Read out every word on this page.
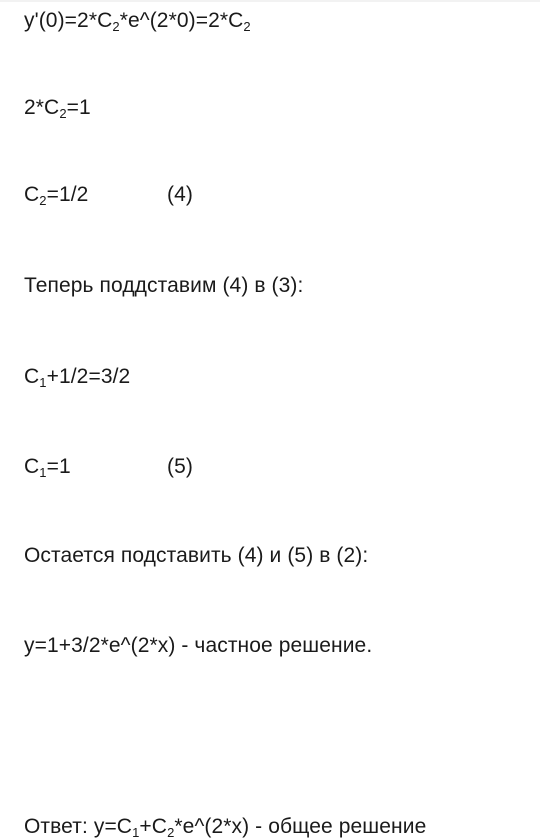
$y'(0)=2*C_2*e\^{}(2*0)=2*C_2$
$2*C_2=1$
$C_2=1/2$	(4)
Теперь поддставим (4) в (3):
$C_1+1/2=3/2$
$C_1=1$	(5)
Остается подставить (4) и (5) в (2):
y=1+3/2*e^(2*x) - частное решение.
Ответ: $y=C_1+C_2*e\^{}(2*x)$ - общее решение
